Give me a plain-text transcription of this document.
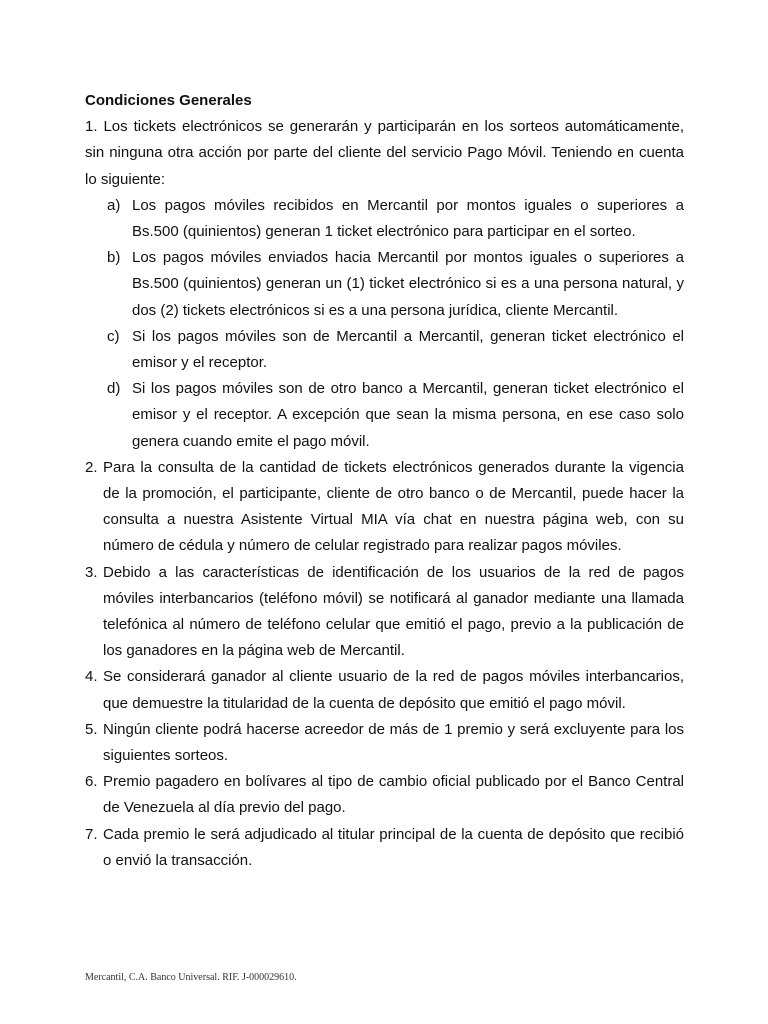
Condiciones Generales

1. Los tickets electrónicos se generarán y participarán en los sorteos automáticamente, sin ninguna otra acción por parte del cliente del servicio Pago Móvil. Teniendo en cuenta lo siguiente:

a) Los pagos móviles recibidos en Mercantil por montos iguales o superiores a Bs.500 (quinientos) generan 1 ticket electrónico para participar en el sorteo.

b) Los pagos móviles enviados hacia Mercantil por montos iguales o superiores a Bs.500 (quinientos) generan un (1) ticket electrónico si es a una persona natural, y dos (2) tickets electrónicos si es a una persona jurídica, cliente Mercantil.

c) Si los pagos móviles son de Mercantil a Mercantil, generan ticket electrónico el emisor y el receptor.

d) Si los pagos móviles son de otro banco a Mercantil, generan ticket electrónico el emisor y el receptor. A excepción que sean la misma persona, en ese caso solo genera cuando emite el pago móvil.

2. Para la consulta de la cantidad de tickets electrónicos generados durante la vigencia de la promoción, el participante, cliente de otro banco o de Mercantil, puede hacer la consulta a nuestra Asistente Virtual MIA vía chat en nuestra página web, con su número de cédula y número de celular registrado para realizar pagos móviles.

3. Debido a las características de identificación de los usuarios de la red de pagos móviles interbancarios (teléfono móvil) se notificará al ganador mediante una llamada telefónica al número de teléfono celular que emitió el pago, previo a la publicación de los ganadores en la página web de Mercantil.

4. Se considerará ganador al cliente usuario de la red de pagos móviles interbancarios, que demuestre la titularidad de la cuenta de depósito que emitió el pago móvil.

5. Ningún cliente podrá hacerse acreedor de más de 1 premio y será excluyente para los siguientes sorteos.

6. Premio pagadero en bolívares al tipo de cambio oficial publicado por el Banco Central de Venezuela al día previo del pago.

7. Cada premio le será adjudicado al titular principal de la cuenta de depósito que recibió o envió la transacción.

Mercantil, C.A. Banco Universal. RIF. J-000029610.
